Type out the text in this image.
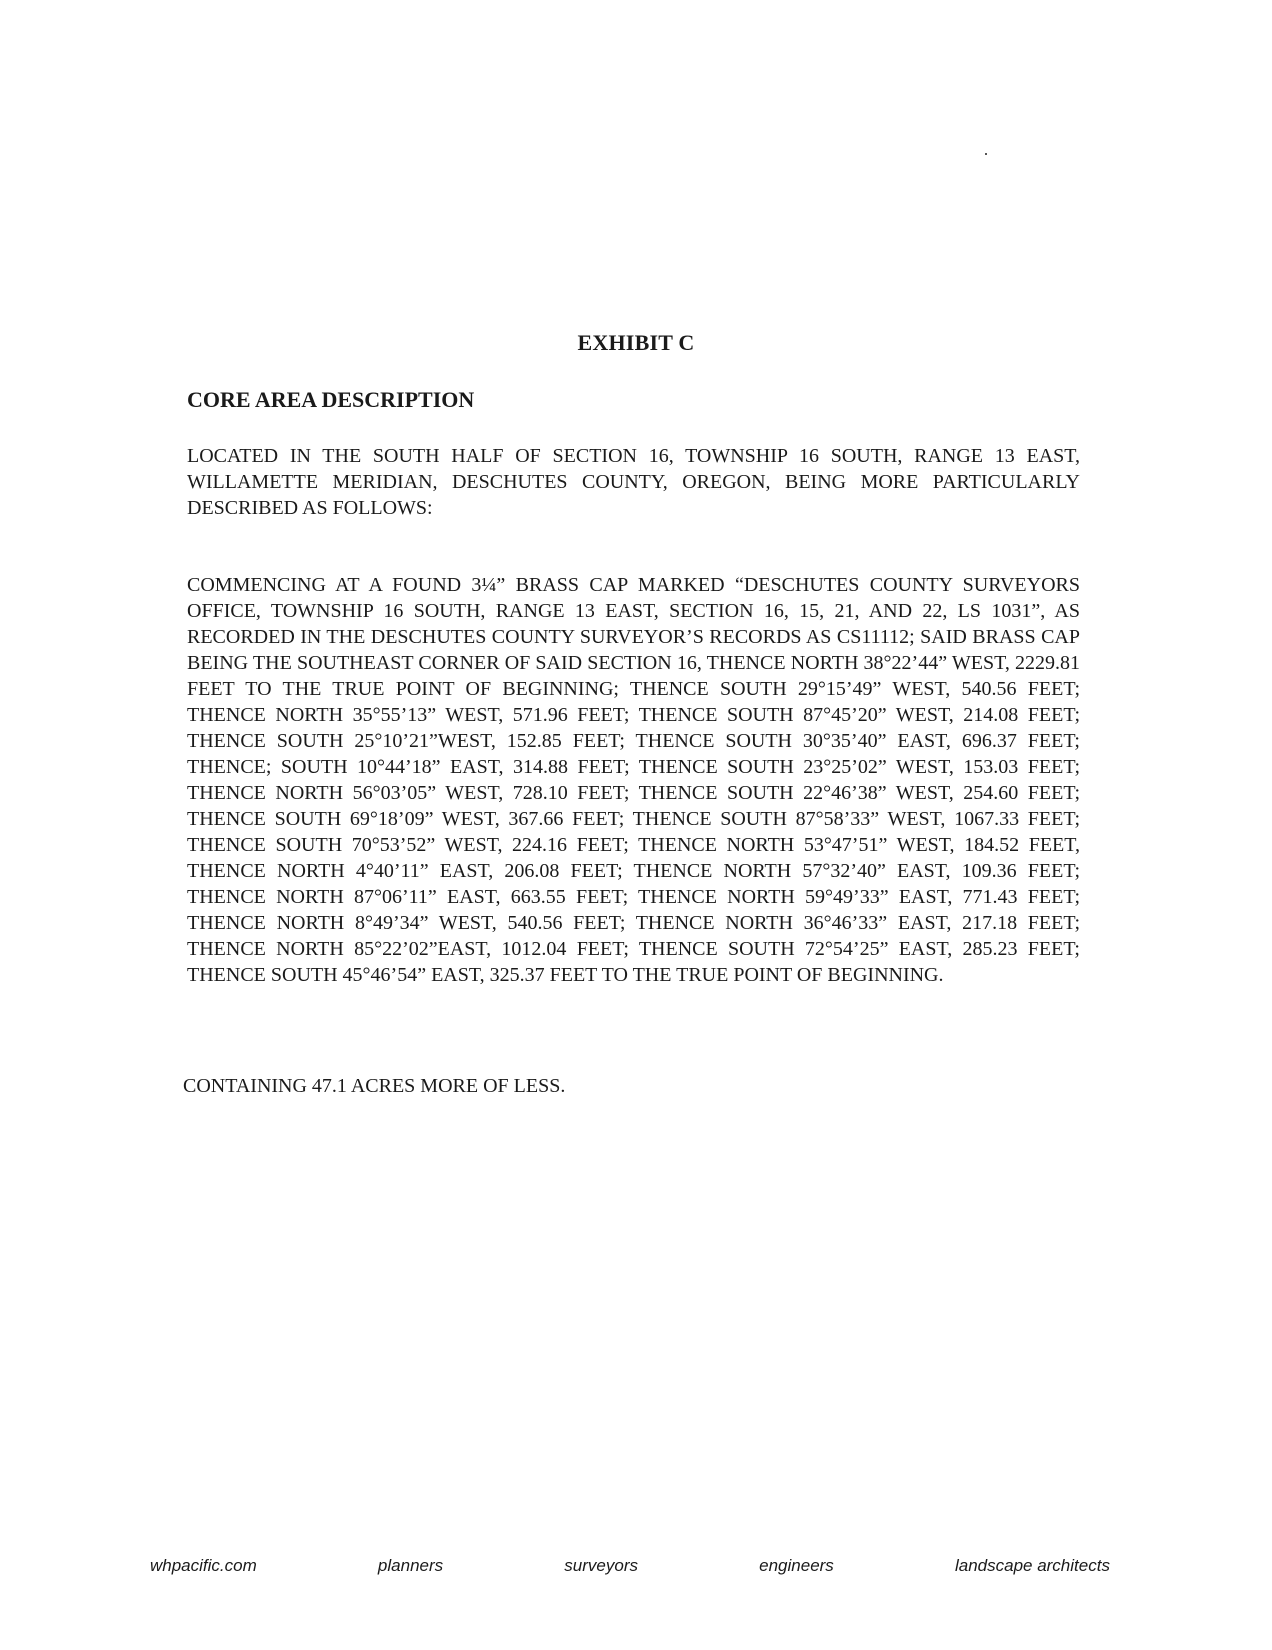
EXHIBIT C
CORE AREA DESCRIPTION
LOCATED IN THE SOUTH HALF OF SECTION 16, TOWNSHIP 16 SOUTH, RANGE 13 EAST, WILLAMETTE MERIDIAN, DESCHUTES COUNTY, OREGON, BEING MORE PARTICULARLY DESCRIBED AS FOLLOWS:
COMMENCING AT A FOUND 3¼” BRASS CAP MARKED “DESCHUTES COUNTY SURVEYORS OFFICE, TOWNSHIP 16 SOUTH, RANGE 13 EAST, SECTION 16, 15, 21, AND 22, LS 1031”, AS RECORDED IN THE DESCHUTES COUNTY SURVEYOR’S RECORDS AS CS11112; SAID BRASS CAP BEING THE SOUTHEAST CORNER OF SAID SECTION 16, THENCE NORTH 38°22’44” WEST, 2229.81 FEET TO THE TRUE POINT OF BEGINNING; THENCE SOUTH 29°15’49” WEST, 540.56 FEET; THENCE NORTH 35°55’13” WEST, 571.96 FEET; THENCE SOUTH 87°45’20” WEST, 214.08 FEET; THENCE SOUTH 25°10’21”WEST, 152.85 FEET; THENCE SOUTH 30°35’40” EAST, 696.37 FEET; THENCE; SOUTH 10°44’18” EAST, 314.88 FEET; THENCE SOUTH 23°25’02” WEST, 153.03 FEET; THENCE NORTH 56°03’05” WEST, 728.10 FEET; THENCE SOUTH 22°46’38” WEST, 254.60 FEET; THENCE SOUTH 69°18’09” WEST, 367.66 FEET; THENCE SOUTH 87°58’33” WEST, 1067.33 FEET; THENCE SOUTH 70°53’52” WEST, 224.16 FEET; THENCE NORTH 53°47’51” WEST, 184.52 FEET, THENCE NORTH 4°40’11” EAST, 206.08 FEET; THENCE NORTH 57°32’40” EAST, 109.36 FEET; THENCE NORTH 87°06’11” EAST, 663.55 FEET; THENCE NORTH 59°49’33” EAST, 771.43 FEET; THENCE NORTH 8°49’34” WEST, 540.56 FEET; THENCE NORTH 36°46’33” EAST, 217.18 FEET; THENCE NORTH 85°22’02”EAST, 1012.04 FEET; THENCE SOUTH 72°54’25” EAST, 285.23 FEET; THENCE SOUTH 45°46’54” EAST, 325.37 FEET TO THE TRUE POINT OF BEGINNING.
CONTAINING 47.1 ACRES MORE OF LESS.
whpacific.com	planners	surveyors	engineers	landscape architects
